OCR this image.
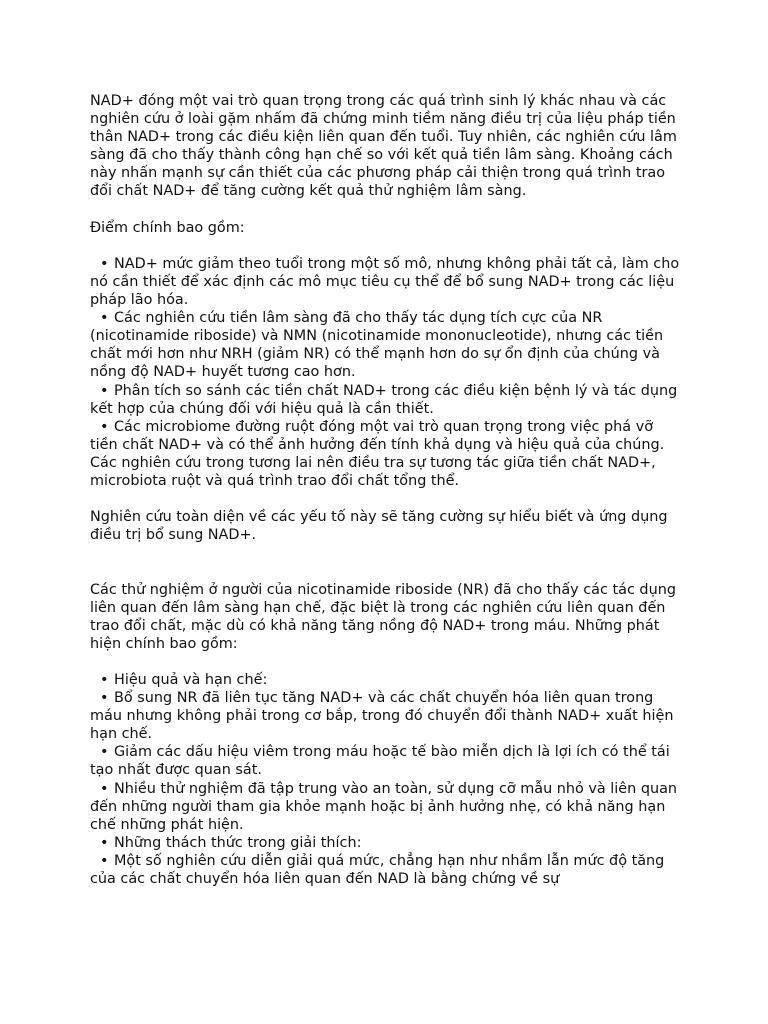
NAD+ đóng một vai trò quan trọng trong các quá trình sinh lý khác nhau và các nghiên cứu ở loài gặm nhấm đã chứng minh tiềm năng điều trị của liệu pháp tiền thân NAD+ trong các điều kiện liên quan đến tuổi. Tuy nhiên, các nghiên cứu lâm sàng đã cho thấy thành công hạn chế so với kết quả tiền lâm sàng. Khoảng cách này nhấn mạnh sự cần thiết của các phương pháp cải thiện trong quá trình trao đổi chất NAD+ để tăng cường kết quả thử nghiệm lâm sàng.

Điểm chính bao gồm:

• NAD+ mức giảm theo tuổi trong một số mô, nhưng không phải tất cả, làm cho nó cần thiết để xác định các mô mục tiêu cụ thể để bổ sung NAD+ trong các liệu pháp lão hóa.
• Các nghiên cứu tiền lâm sàng đã cho thấy tác dụng tích cực của NR (nicotinamide riboside) và NMN (nicotinamide mononucleotide), nhưng các tiền chất mới hơn như NRH (giảm NR) có thể mạnh hơn do sự ổn định của chúng và nồng độ NAD+ huyết tương cao hơn.
• Phân tích so sánh các tiền chất NAD+ trong các điều kiện bệnh lý và tác dụng kết hợp của chúng đối với hiệu quả là cần thiết.
• Các microbiome đường ruột đóng một vai trò quan trọng trong việc phá vỡ tiền chất NAD+ và có thể ảnh hưởng đến tính khả dụng và hiệu quả của chúng. Các nghiên cứu trong tương lai nên điều tra sự tương tác giữa tiền chất NAD+, microbiota ruột và quá trình trao đổi chất tổng thể.

Nghiên cứu toàn diện về các yếu tố này sẽ tăng cường sự hiểu biết và ứng dụng điều trị bổ sung NAD+.

Các thử nghiệm ở người của nicotinamide riboside (NR) đã cho thấy các tác dụng liên quan đến lâm sàng hạn chế, đặc biệt là trong các nghiên cứu liên quan đến trao đổi chất, mặc dù có khả năng tăng nồng độ NAD+ trong máu. Những phát hiện chính bao gồm:

• Hiệu quả và hạn chế:
• Bổ sung NR đã liên tục tăng NAD+ và các chất chuyển hóa liên quan trong máu nhưng không phải trong cơ bắp, trong đó chuyển đổi thành NAD+ xuất hiện hạn chế.
• Giảm các dấu hiệu viêm trong máu hoặc tế bào miễn dịch là lợi ích có thể tái tạo nhất được quan sát.
• Nhiều thử nghiệm đã tập trung vào an toàn, sử dụng cỡ mẫu nhỏ và liên quan đến những người tham gia khỏe mạnh hoặc bị ảnh hưởng nhẹ, có khả năng hạn chế những phát hiện.
• Những thách thức trong giải thích:
• Một số nghiên cứu diễn giải quá mức, chẳng hạn như nhầm lẫn mức độ tăng của các chất chuyển hóa liên quan đến NAD là bằng chứng về sự
